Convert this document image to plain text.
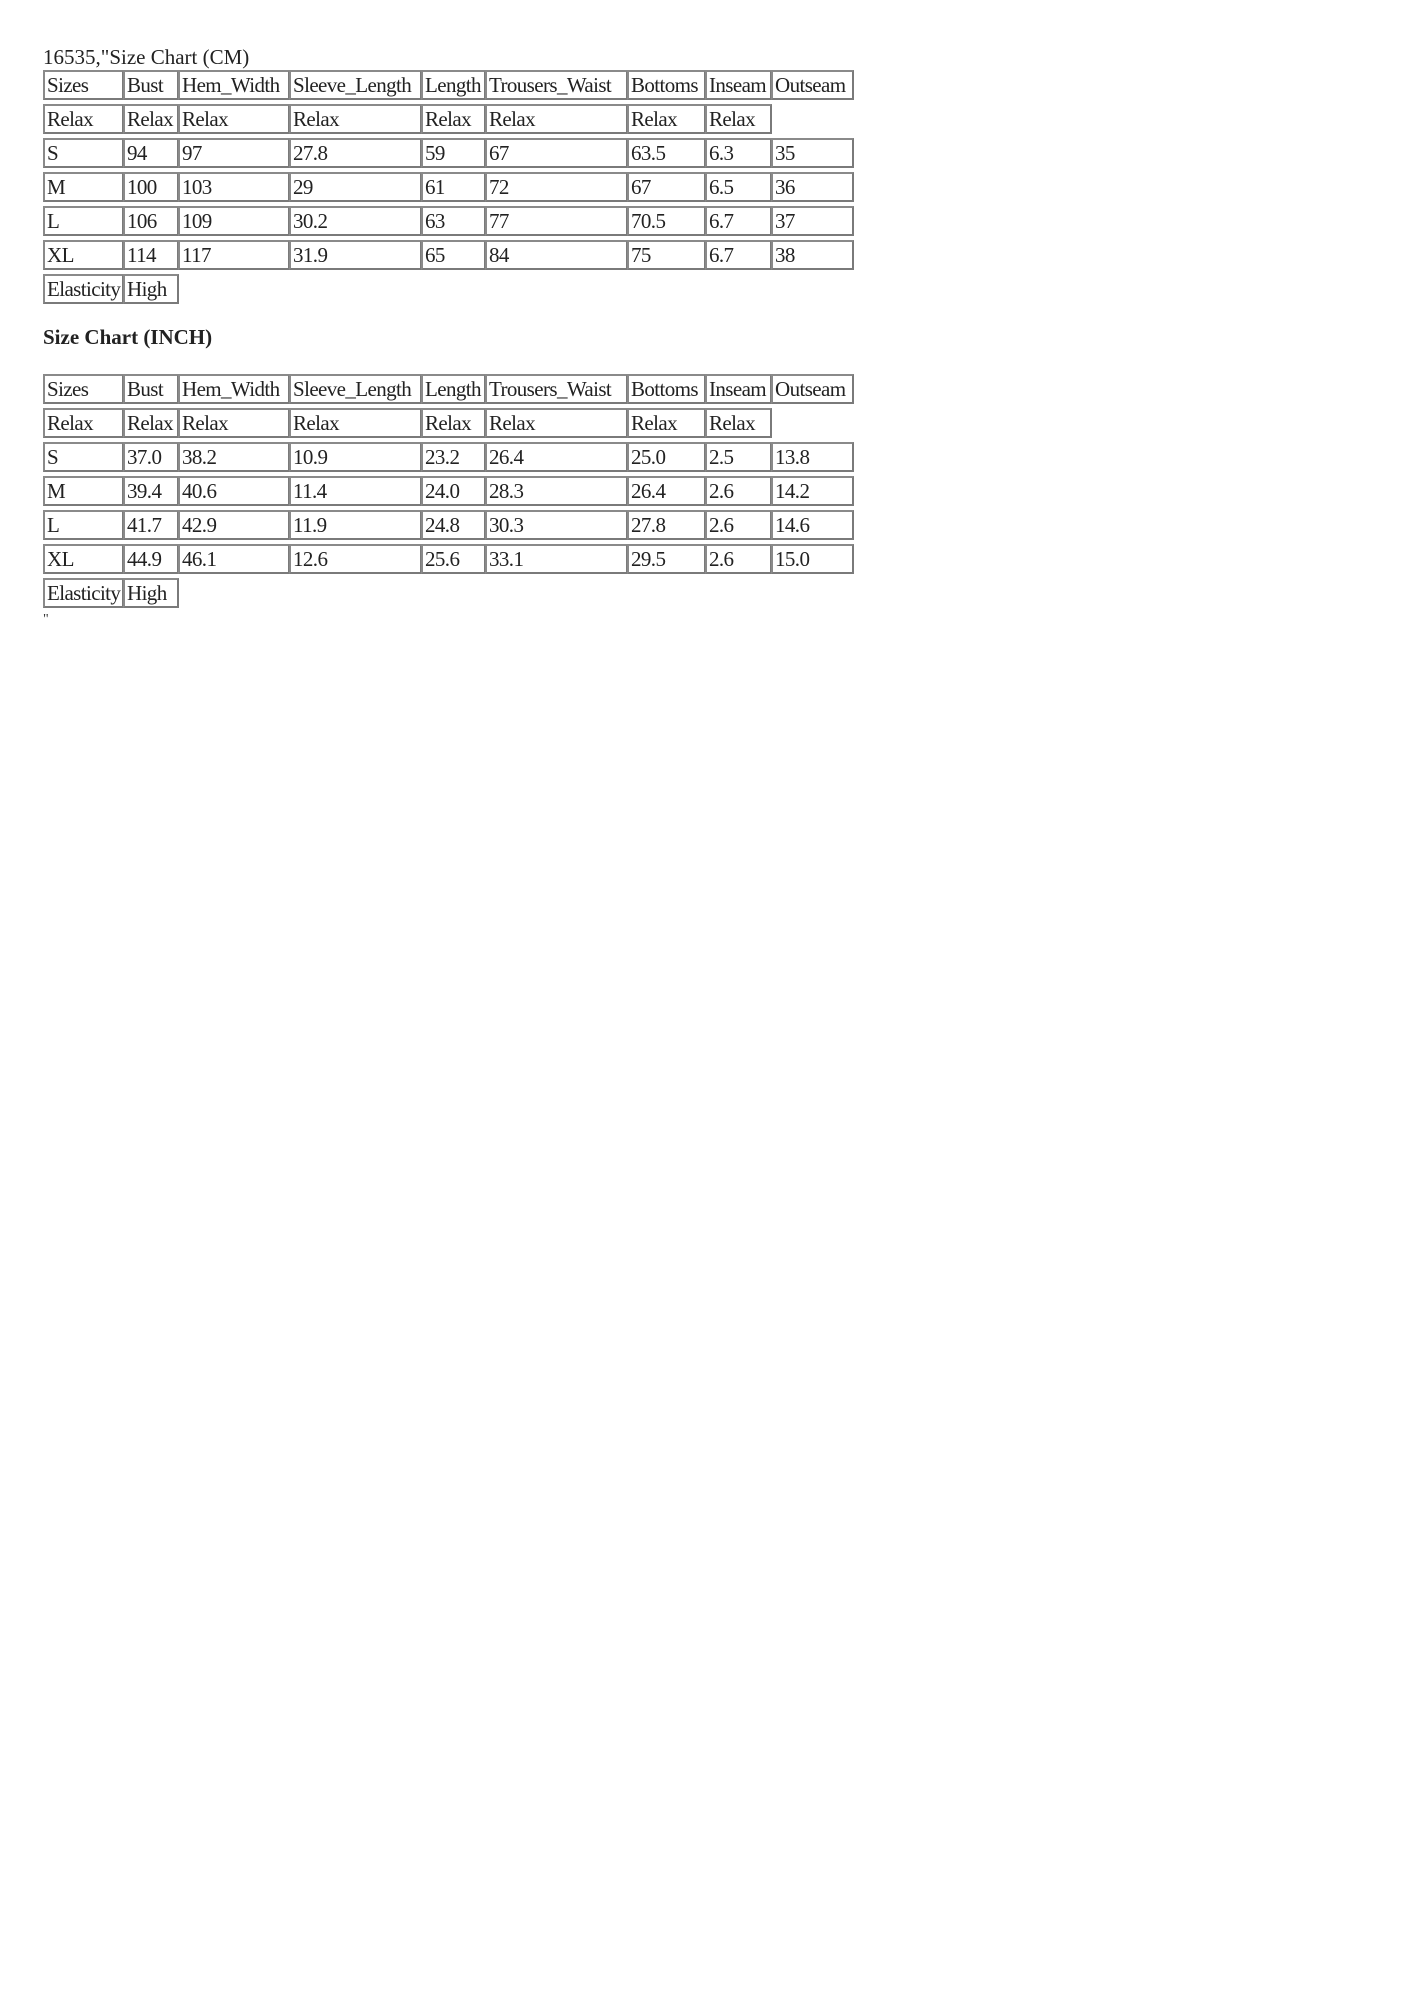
16535,"Size Chart (CM)
Sizes	Bust Hem_Width Sleeve_Length Length Trousers_Waist Bottoms Inseam Outseam
Relax	Relax Relax	Relax	Relax Relax	Relax	Relax
S	94	97	27.8	59	67	63.5	6.3	35
M	100	103	29	61	72	67	6.5	36
L	106	109	30.2	63	77	70.5	6.7	37
XL	114	117	31.9	65	84	75	6.7	38
Elasticity High
Size Chart (INCH)
Sizes	Bust Hem_Width Sleeve_Length Length Trousers_Waist Bottoms Inseam Outseam
Relax	Relax Relax	Relax	Relax Relax	Relax	Relax
S	37.0 38.2	10.9	23.2	26.4	25.0	2.5	13.8
M	39.4 40.6	11.4	24.0	28.3	26.4	2.6	14.2
L	41.7 42.9	11.9	24.8	30.3	27.8	2.6	14.6
XL	44.9 46.1	12.6	25.6	33.1	29.5	2.6	15.0
Elasticity High
"
